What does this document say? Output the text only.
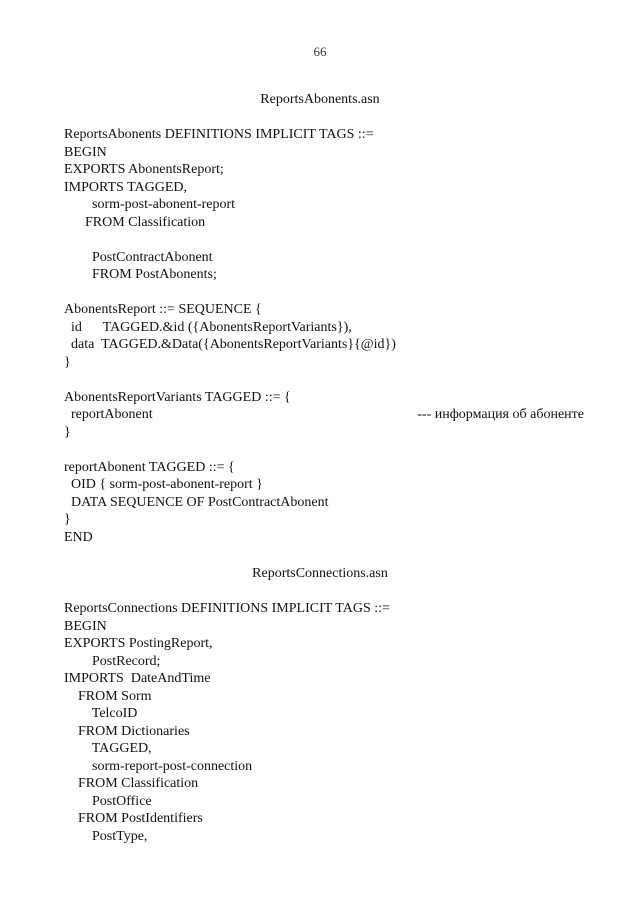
66
ReportsAbonents.asn
ReportsAbonents DEFINITIONS IMPLICIT TAGS ::=
BEGIN
EXPORTS AbonentsReport;
IMPORTS TAGGED,
sorm-post-abonent-report
FROM Classification
PostContractAbonent
FROM PostAbonents;
AbonentsReport ::= SEQUENCE {
id      TAGGED.&id ({AbonentsReportVariants}),
data  TAGGED.&Data({AbonentsReportVariants}{@id})
}
AbonentsReportVariants TAGGED ::= {
reportAbonent	--- информация об абоненте
}
reportAbonent TAGGED ::= {
OID { sorm-post-abonent-report }
DATA SEQUENCE OF PostContractAbonent
}
END
ReportsConnections.asn
ReportsConnections DEFINITIONS IMPLICIT TAGS ::=
BEGIN
EXPORTS PostingReport,
PostRecord;
IMPORTS  DateAndTime
FROM Sorm
TelcoID
FROM Dictionaries
TAGGED,
sorm-report-post-connection
FROM Classification
PostOffice
FROM PostIdentifiers
PostType,
